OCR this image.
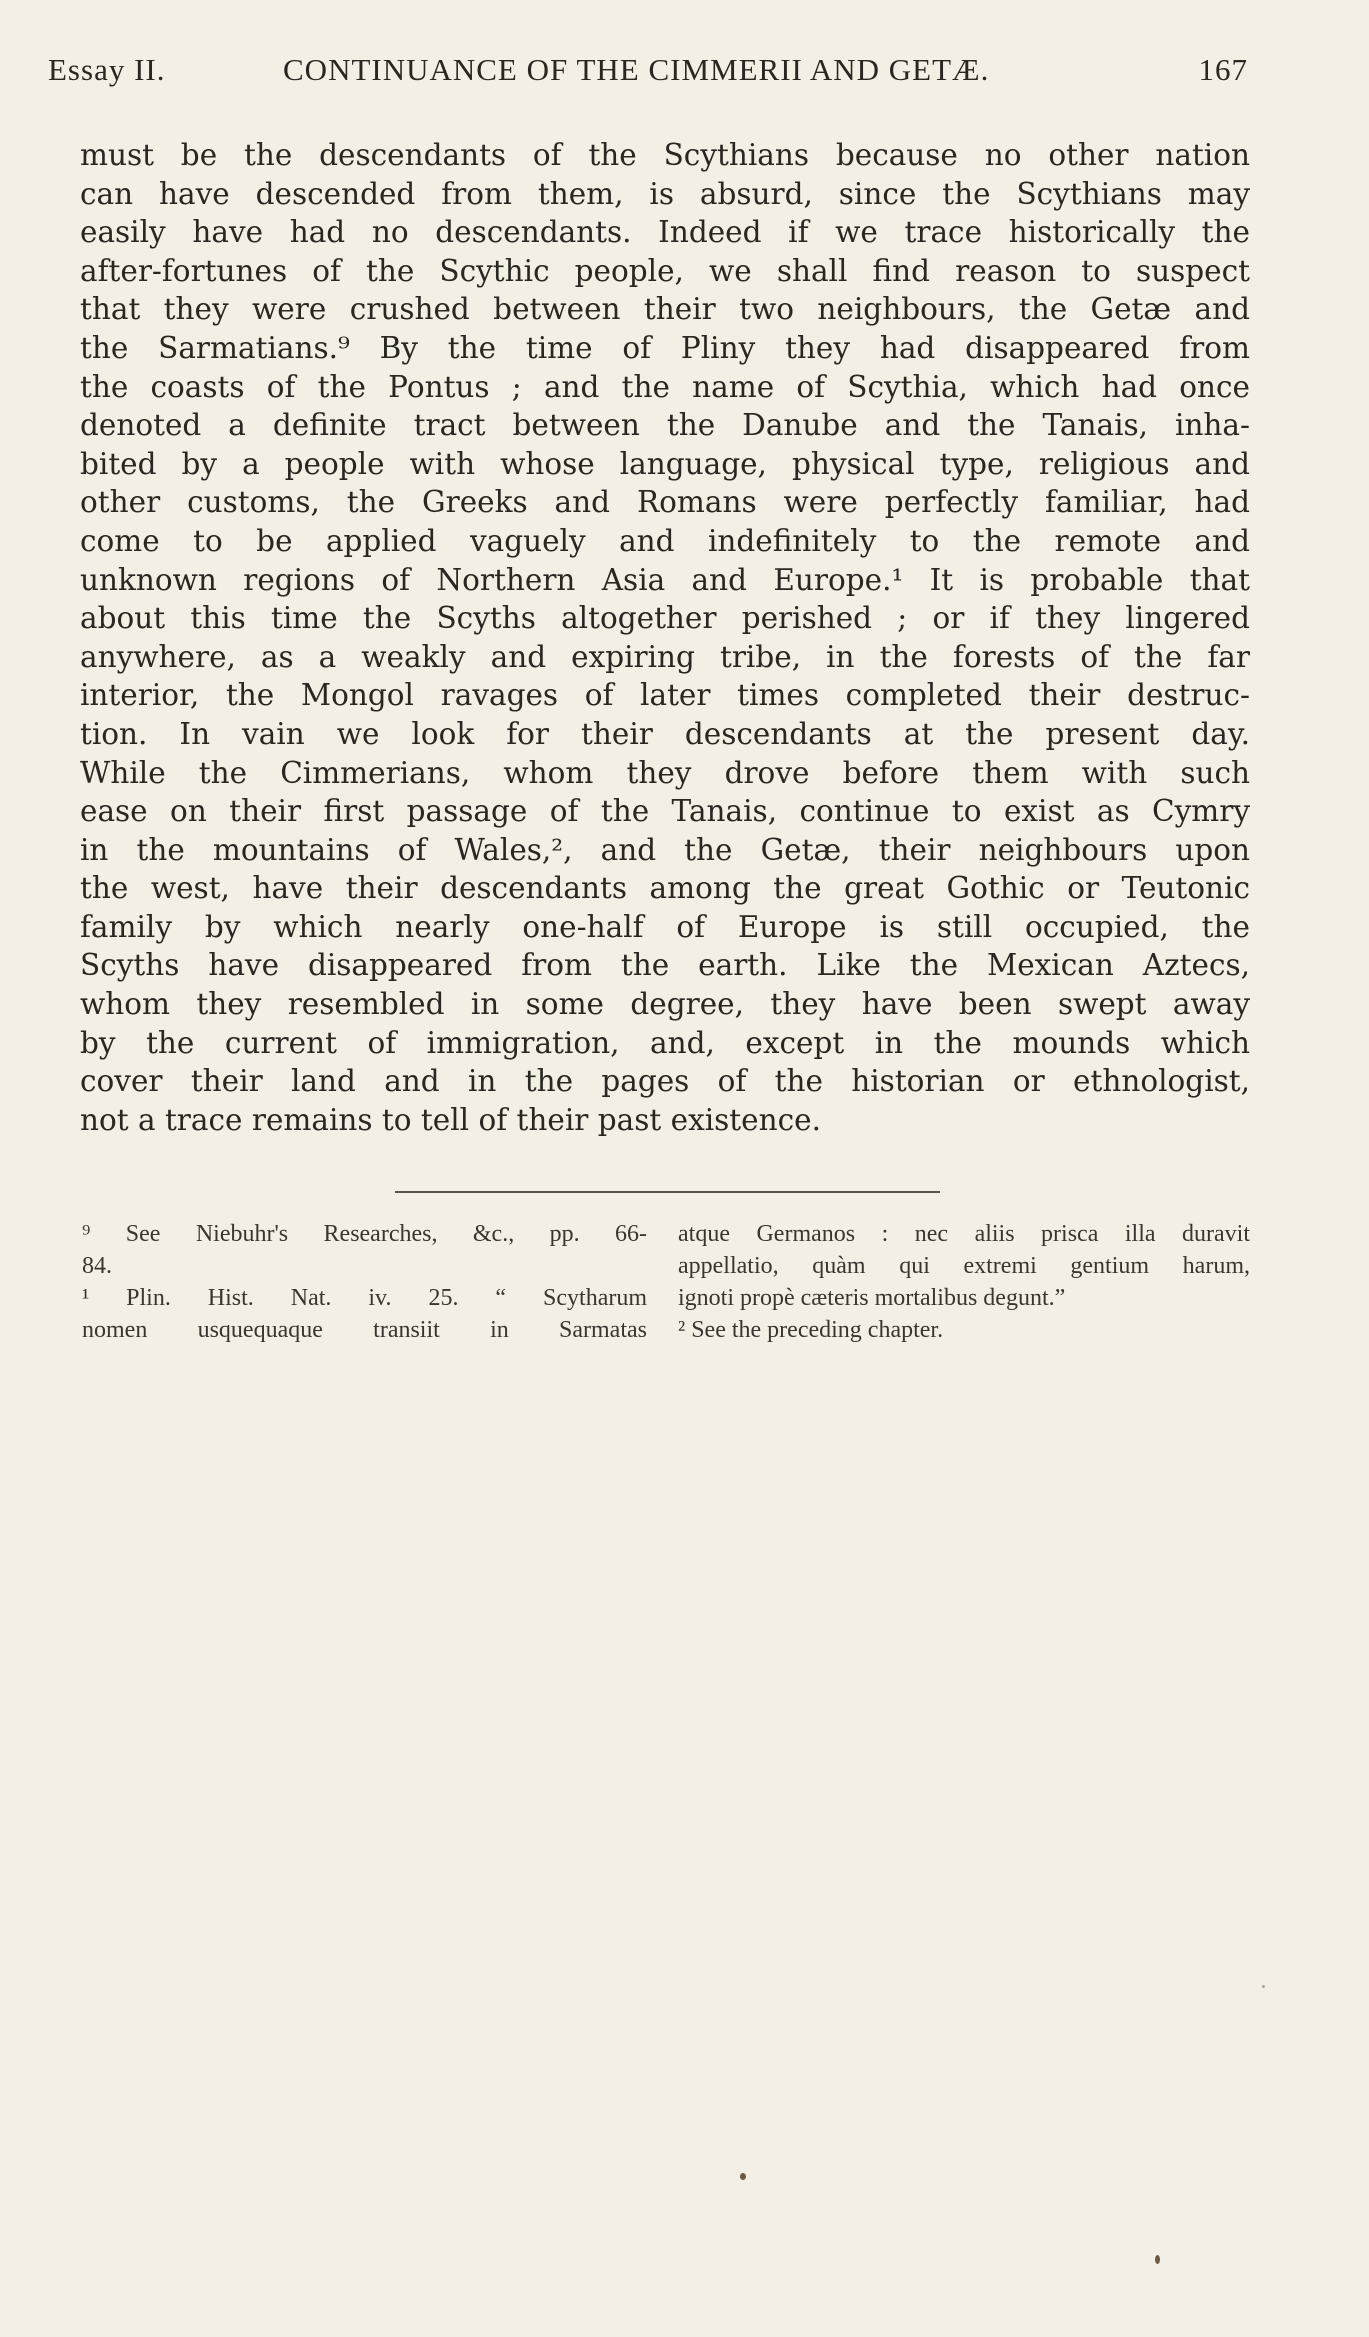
Essay II.	CONTINUANCE OF THE CIMMERII AND GETÆ.	167
must be the descendants of the Scythians because no other nation
can have descended from them, is absurd, since the Scythians may
easily have had no descendants. Indeed if we trace historically the
after-fortunes of the Scythic people, we shall find reason to suspect
that they were crushed between their two neighbours, the Getæ and
the Sarmatians.⁹ By the time of Pliny they had disappeared from
the coasts of the Pontus ; and the name of Scythia, which had once
denoted a definite tract between the Danube and the Tanais, inha-
bited by a people with whose language, physical type, religious and
other customs, the Greeks and Romans were perfectly familiar, had
come to be applied vaguely and indefinitely to the remote and
unknown regions of Northern Asia and Europe.¹ It is probable that
about this time the Scyths altogether perished ; or if they lingered
anywhere, as a weakly and expiring tribe, in the forests of the far
interior, the Mongol ravages of later times completed their destruc-
tion. In vain we look for their descendants at the present day.
While the Cimmerians, whom they drove before them with such
ease on their first passage of the Tanais, continue to exist as Cymry
in the mountains of Wales,², and the Getæ, their neighbours upon
the west, have their descendants among the great Gothic or Teutonic
family by which nearly one-half of Europe is still occupied, the
Scyths have disappeared from the earth. Like the Mexican Aztecs,
whom they resembled in some degree, they have been swept away
by the current of immigration, and, except in the mounds which
cover their land and in the pages of the historian or ethnologist,
not a trace remains to tell of their past existence.
⁹ See Niebuhr's Researches, &c., pp. 66-
84.
¹ Plin. Hist. Nat. iv. 25. “ Scytharum
nomen usquequaque transiit in Sarmatas
atque Germanos : nec aliis prisca illa duravit
appellatio, quàm qui extremi gentium harum,
ignoti propè cæteris mortalibus degunt.”
² See the preceding chapter.
